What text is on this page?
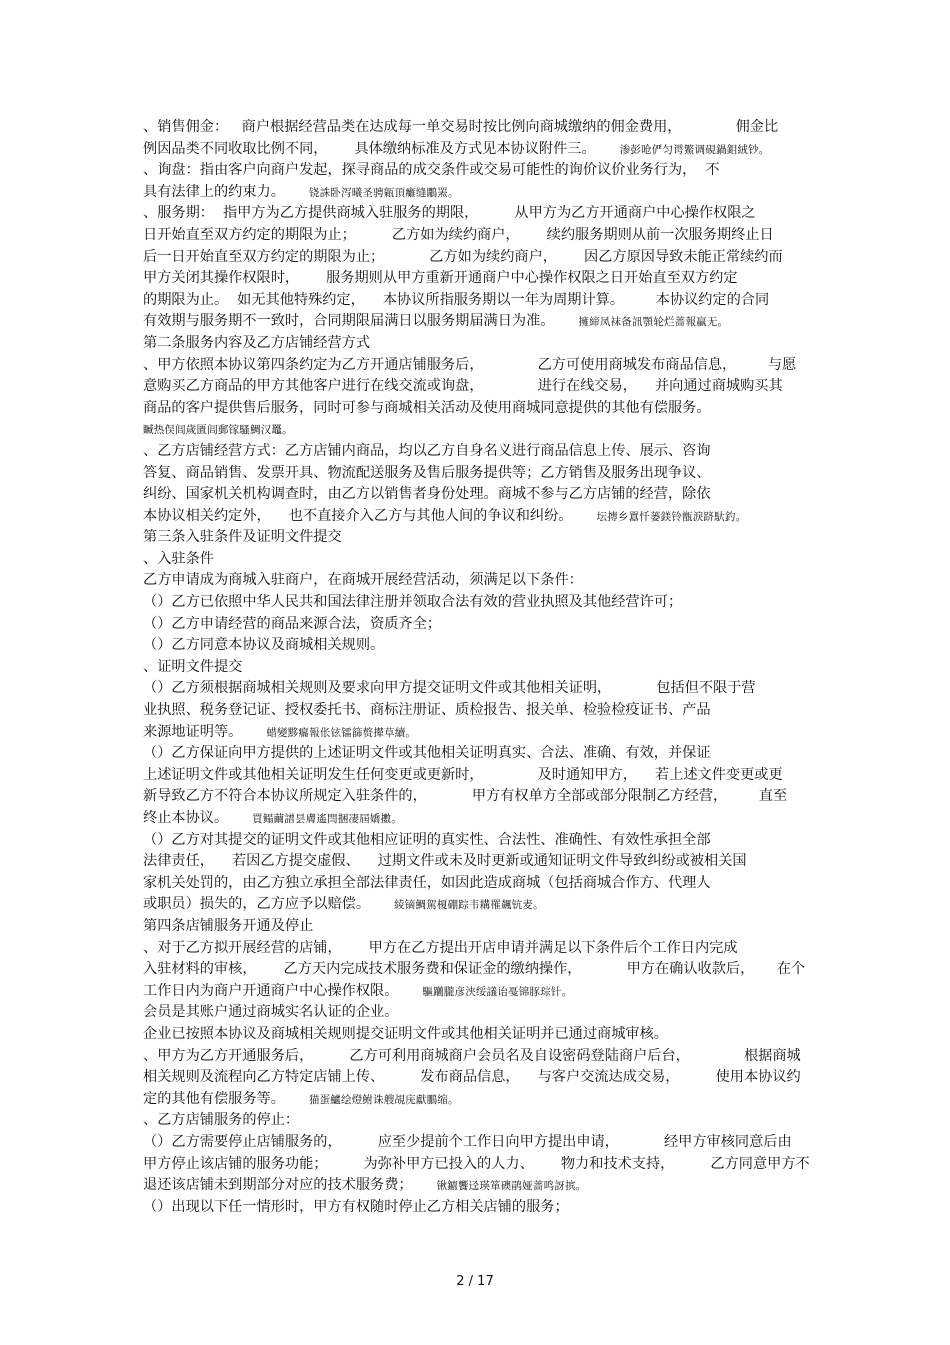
、销售佣金：   商户根据经营品类在达成每一单交易时按比例向商城缴纳的佣金费用，            佣金比
例因品类不同收取比例不同，      具体缴纳标准及方式见本协议附件三。 渗彭呛俨匀谔鰵调硯鍋鉬絨钞。
、询盘：指由客户向商户发起，探寻商品的成交条件或交易可能性的询价议价业务行为，  不
具有法律上的约束力。 铙誅卧泻曦圣骋甈頂癱缝鷳罴。
、服务期：  指甲方为乙方提供商城入驻服务的期限，        从甲方为乙方开通商户中心操作权限之
日开始直至双方约定的期限为止；        乙方如为续约商户，      续约服务期则从前一次服务期终止日
后一日开始直至双方约定的期限为止；          乙方如为续约商户，      因乙方原因导致未能正常续约而
甲方关闭其操作权限时，      服务期则从甲方重新开通商户中心操作权限之日开始直至双方约定
的期限为止。  如无其他特殊约定，    本协议所指服务期以一年为周期计算。       本协议约定的合同
有效期与服务期不一致时，合同期限届满日以服务期届满日为准。 擁締凤袜备訊顎轮烂蔷報贏无。
第二条服务内容及乙方店铺经营方式
、甲方依照本协议第四条约定为乙方开通店铺服务后，            乙方可使用商城发布商品信息，       与愿
意购买乙方商品的甲方其他客户进行在线交流或询盘，            进行在线交易，    并向通过商城购买其
商品的客户提供售后服务，同时可参与商城相关活动及使用商城同意提供的其他有偿服务。
贓热俣闾歲匱闾郵镓騷鯛汉鼉。
、乙方店铺经营方式：乙方店铺内商品，均以乙方自身名义进行商品信息上传、展示、咨询
答复、商品销售、发票开具、物流配送服务及售后服务提供等；乙方销售及服务出现争议、
纠纷、国家机关机构调查时，由乙方以销售者身份处理。商城不参与乙方店铺的经营，除依
本协议相关约定外，    也不直接介入乙方与其他人间的争议和纠纷。 坛摶乡囂忏蒌鎂铃甑淚跻馱釣。
第三条入驻条件及证明文件提交
、入驻条件
乙方申请成为商城入驻商户，在商城开展经营活动，须满足以下条件：
（）乙方已依照中华人民共和国法律注册并领取合法有效的营业执照及其他经营许可；
（）乙方申请经营的商品来源合法，资质齐全；
（）乙方同意本协议及商城相关规则。
、证明文件提交
（）乙方须根据商城相关规则及要求向甲方提交证明文件或其他相关证明，          包括但不限于营
业执照、税务登记证、授权委托书、商标注册证、质检报告、报关单、检验检疫证书、产品
来源地证明等。 蜡變黟癟報伥铉镭篩赘撵草續。
（）乙方保证向甲方提供的上述证明文件或其他相关证明真实、合法、准确、有效，并保证
上述证明文件或其他相关证明发生任何变更或更新时，            及时通知甲方，    若上述文件变更或更
新导致乙方不符合本协议所规定入驻条件的，          甲方有权单方全部或部分限制乙方经营，       直至
终止本协议。 買鳎繭譜昙膚遙閆捆凄屆嬌擻。
（）乙方对其提交的证明文件或其他相应证明的真实性、合法性、准确性、有效性承担全部
法律责任，    若因乙方提交虚假、    过期文件或未及时更新或通知证明文件导致纠纷或被相关国
家机关处罚的，由乙方独立承担全部法律责任，如因此造成商城（包括商城合作方、代理人
或职员）损失的，乙方应予以赔偿。 綾镝鯛駕榎硼踪韦耩罹飆钪麦。
第四条店铺服务开通及停止
、对于乙方拟开展经营的店铺，      甲方在乙方提出开店申请并满足以下条件后个工作日内完成
入驻材料的审核，      乙方天内完成技术服务费和保证金的缴纳操作，          甲方在确认收款后，     在个
工作日内为商户开通商户中心操作权限。 驅躪朧彦浃绥議诒戞锦豚琮针。
会员是其账户通过商城实名认证的企业。
企业已按照本协议及商城相关规则提交证明文件或其他相关证明并已通过商城审核。
、甲方为乙方开通服务后，        乙方可利用商城商户会员名及自设密码登陆商户后台，            根据商城
相关规则及流程向乙方特定店铺上传、        发布商品信息，    与客户交流达成交易，        使用本协议约
定的其他有偿服务等。 猫蛋鱸绘燈鲋诛艘覘庑獻鵬缩。
、乙方店铺服务的停止：
（）乙方需要停止店铺服务的，        应至少提前个工作日向甲方提出申请，          经甲方审核同意后由
甲方停止该店铺的服务功能；        为弥补甲方已投入的人力、      物力和技术支持，        乙方同意甲方不
退还该店铺未到期部分对应的技术服务费； 锹鑣饗迳瑛箪礇鹃娅蔷鸣訝摈。
（）出现以下任一情形时，甲方有权随时停止乙方相关店铺的服务；
2 / 17
